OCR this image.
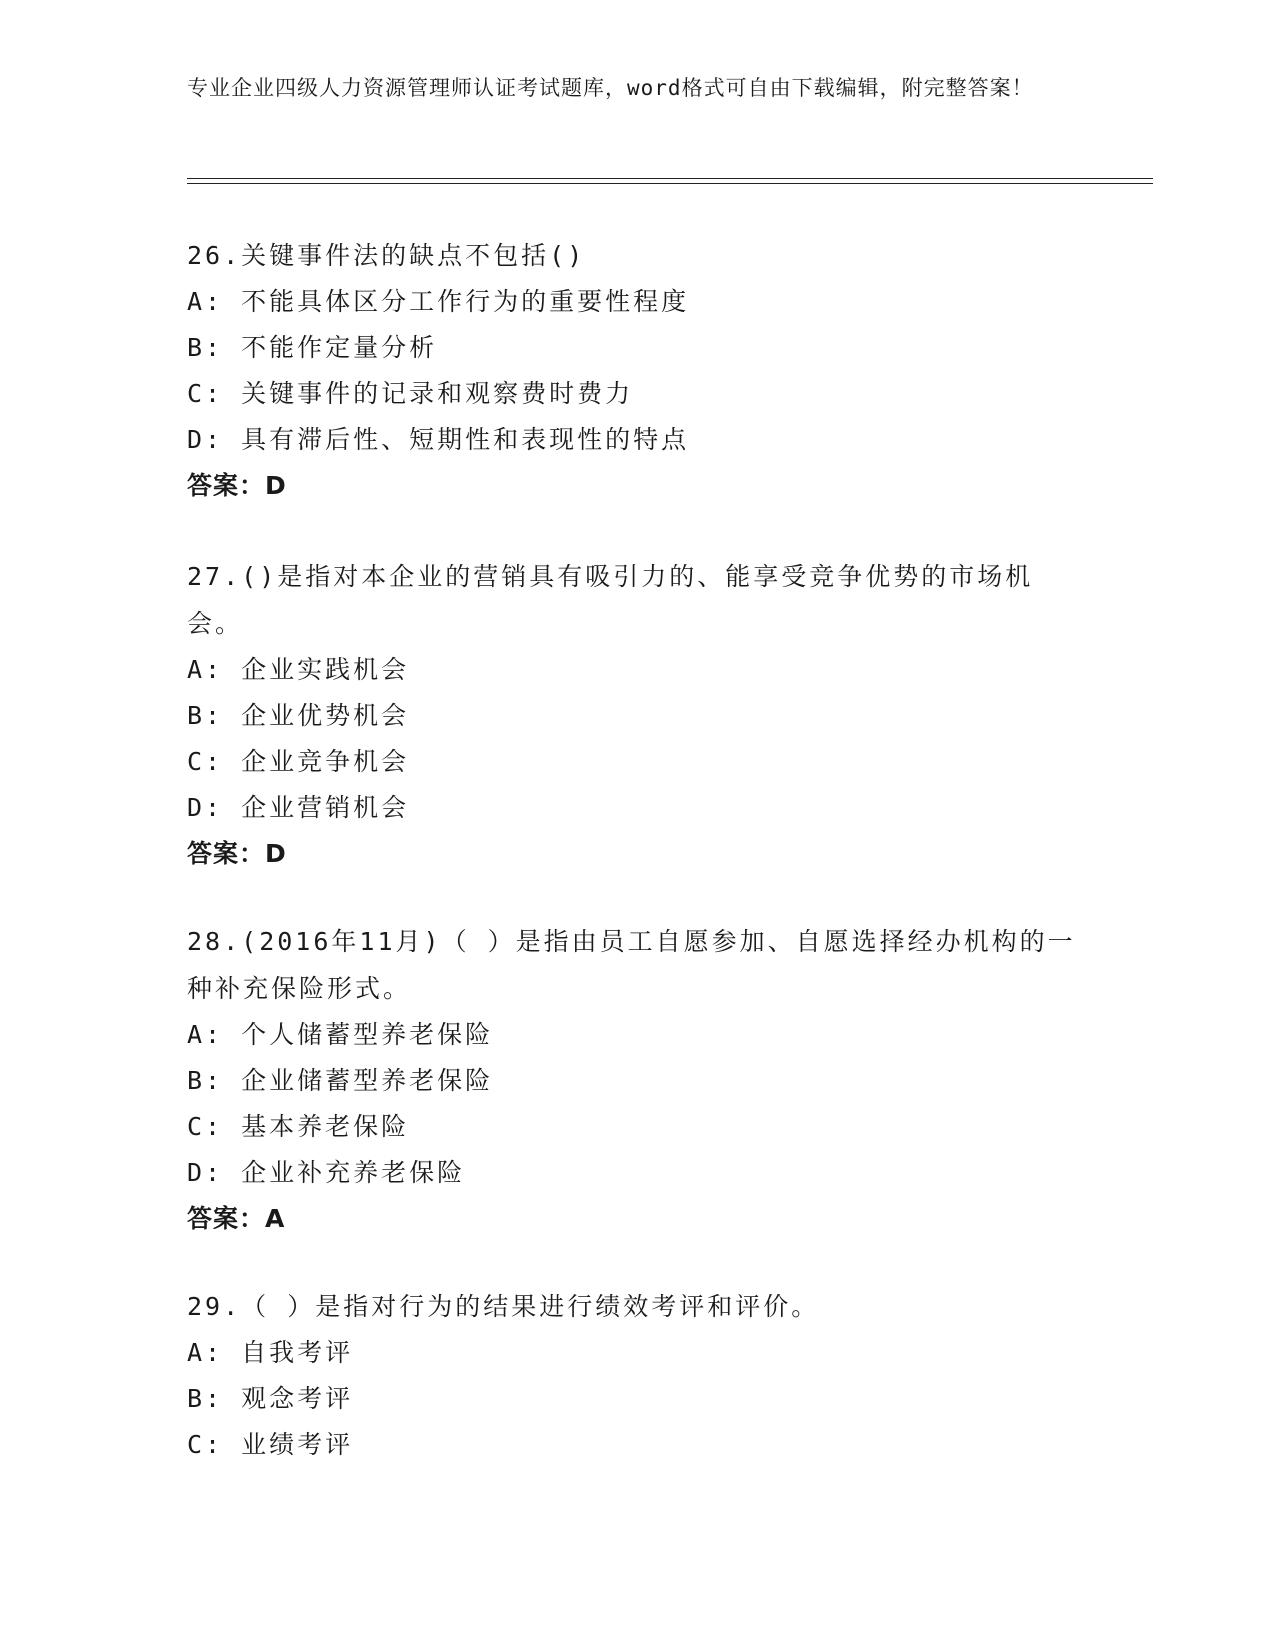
专业企业四级人力资源管理师认证考试题库，word格式可自由下载编辑，附完整答案！

26.关键事件法的缺点不包括()

A: 不能具体区分工作行为的重要性程度

B: 不能作定量分析

C: 关键事件的记录和观察费时费力

D: 具有滞后性、短期性和表现性的特点

答案：D

27.()是指对本企业的营销具有吸引力的、能享受竞争优势的市场机会。

A: 企业实践机会

B: 企业优势机会

C: 企业竞争机会

D: 企业营销机会

答案：D

28.(2016年11月)（ ）是指由员工自愿参加、自愿选择经办机构的一种补充保险形式。

A: 个人储蓄型养老保险

B: 企业储蓄型养老保险

C: 基本养老保险

D: 企业补充养老保险

答案：A

29.（ ）是指对行为的结果进行绩效考评和评价。

A: 自我考评

B: 观念考评

C: 业绩考评
